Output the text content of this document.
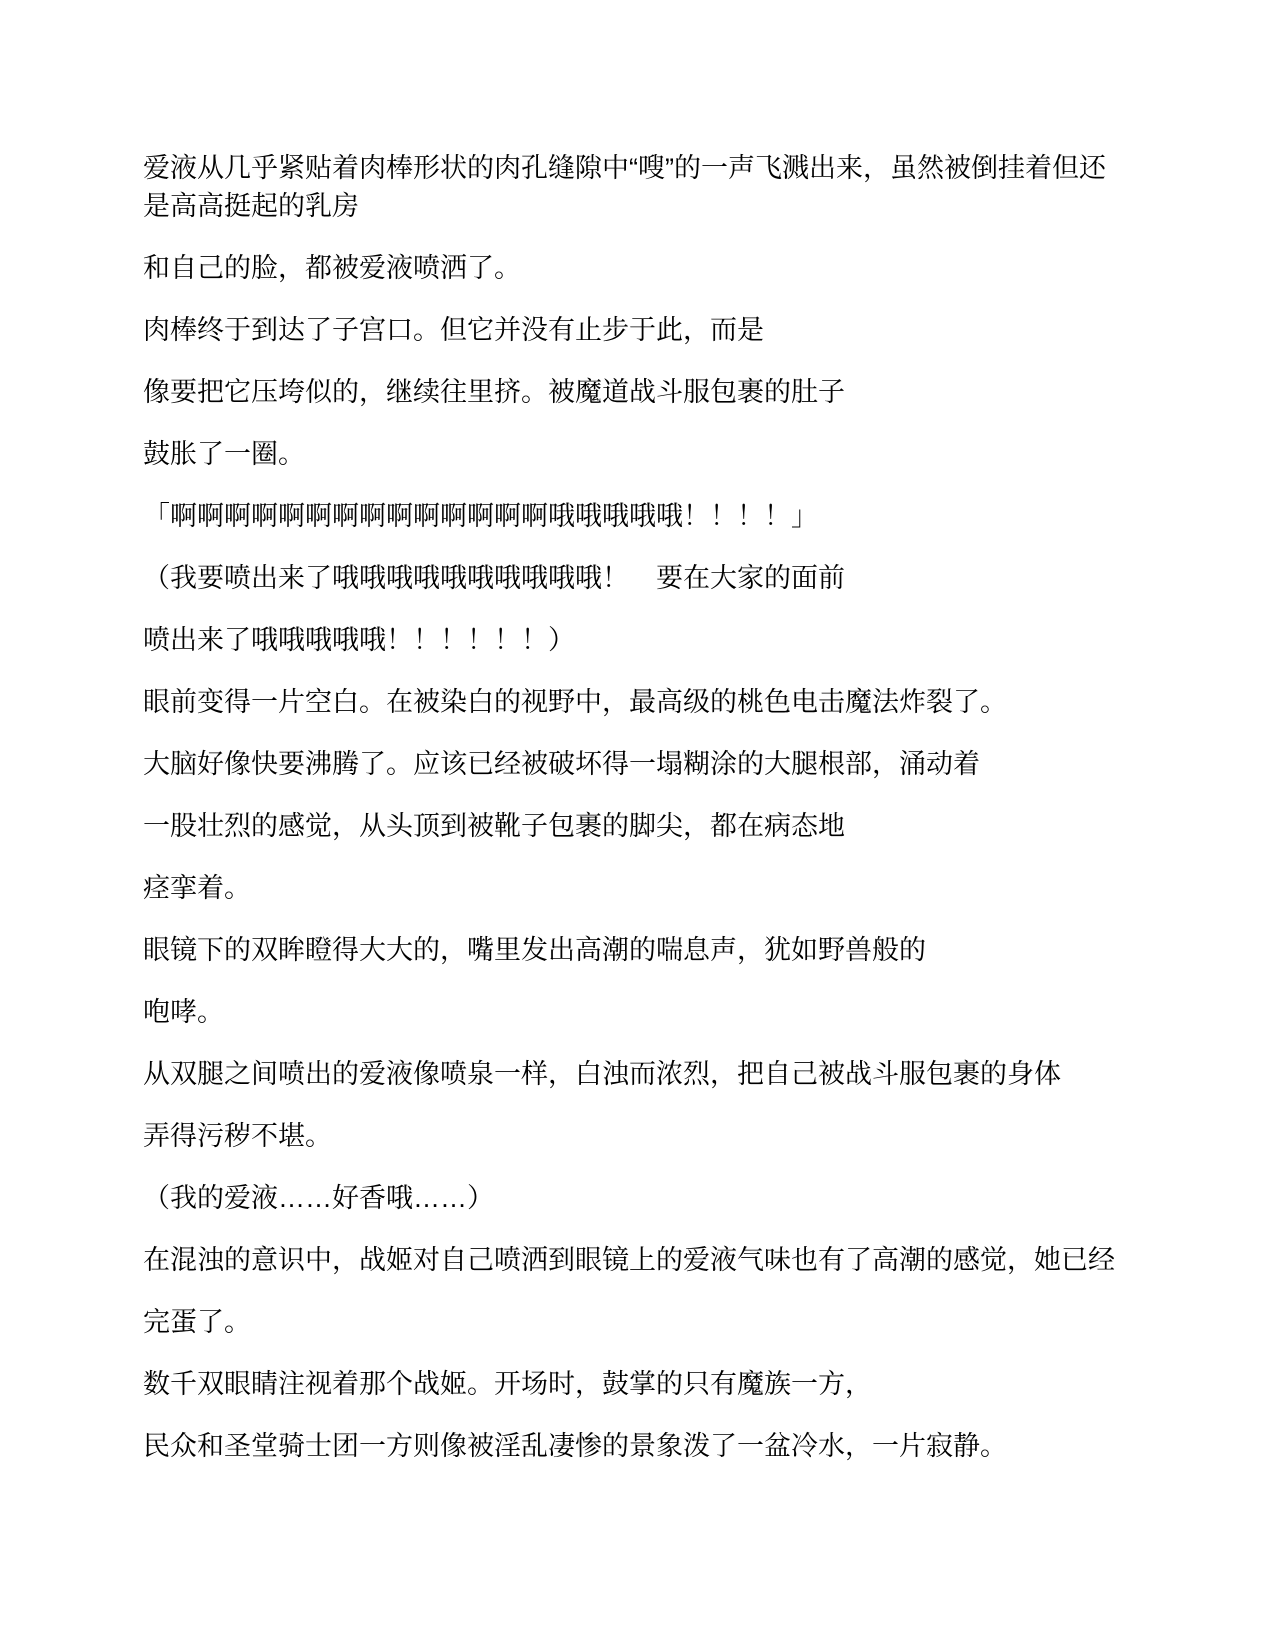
爱液从几乎紧贴着肉棒形状的肉孔缝隙中“嗖”的一声飞溅出来，虽然被倒挂着但还
是高高挺起的乳房
和自己的脸，都被爱液喷洒了。
肉棒终于到达了子宫口。但它并没有止步于此，而是
像要把它压垮似的，继续往里挤。被魔道战斗服包裹的肚子
鼓胀了一圈。
「啊啊啊啊啊啊啊啊啊啊啊啊啊啊哦哦哦哦哦！！！！」
（我要喷出来了哦哦哦哦哦哦哦哦哦哦！　要在大家的面前
喷出来了哦哦哦哦哦！！！！！！）
眼前变得一片空白。在被染白的视野中，最高级的桃色电击魔法炸裂了。
大脑好像快要沸腾了。应该已经被破坏得一塌糊涂的大腿根部，涌动着
一股壮烈的感觉，从头顶到被靴子包裹的脚尖，都在病态地
痉挛着。
眼镜下的双眸瞪得大大的，嘴里发出高潮的喘息声，犹如野兽般的
咆哮。
从双腿之间喷出的爱液像喷泉一样，白浊而浓烈，把自己被战斗服包裹的身体
弄得污秽不堪。
（我的爱液……好香哦……）
在混浊的意识中，战姬对自己喷洒到眼镜上的爱液气味也有了高潮的感觉，她已经
完蛋了。
数千双眼睛注视着那个战姬。开场时，鼓掌的只有魔族一方，
民众和圣堂骑士团一方则像被淫乱凄惨的景象泼了一盆冷水，一片寂静。
